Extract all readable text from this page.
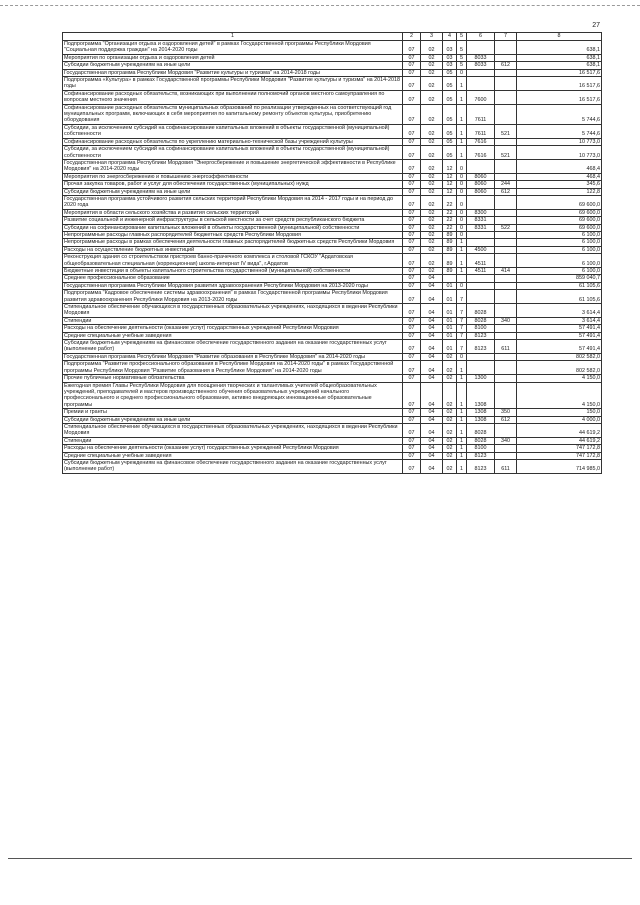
27
1	2	3	4	5	6	7	8
Подпрограмма "Организация отдыха и оздоровления детей" в рамках Государственной программы Республики Мордовия "Социальная поддержка граждан" на 2014-2020 годы	07	02	03	5			638,1
Мероприятия по организации отдыха и оздоровления детей	07	02	03	5	8033		638,1
Субсидии бюджетным учреждениям на иные цели	07	02	03	5	8033	612	638,1
Государственная программа Республики Мордовия "Развитие культуры и туризма" на 2014-2018 годы	07	02	05	0			16 517,6
Подпрограмма «Культура» в рамках Государственной программы Республики Мордовия "Развитие культуры и туризма" на 2014-2018 годы	07	02	05	1			16 517,6
Софинансирование расходных обязательств, возникающих при выполнении полномочий органов местного самоуправления по вопросам местного значения	07	02	05	1	7600		16 517,6
Софинансирование расходных обязательств муниципальных образований по реализации утвержденных на соответствующий год муниципальных программ, включающих в себя мероприятия по капитальному ремонту объектов культуры, приобретению оборудования	07	02	05	1	7611		5 744,6
Субсидии, за исключением субсидий на софинансирование капитальных вложений в объекты государственной (муниципальной) собственности	07	02	05	1	7611	521	5 744,6
Софинансирование расходных обязательств по укреплению материально-технической базы учреждений культуры	07	02	05	1	7616		10 773,0
Субсидии, за исключением субсидий на софинансирование капитальных вложений в объекты государственной (муниципальной) собственности	07	02	05	1	7616	521	10 773,0
Государственная программа Республики Мордовия "Энергосбережение и повышение энергетической эффективности в Республике Мордовия" на 2014-2020 годы	07	02	12	0			468,4
Мероприятия по энергосбережению и повышению энергоэффективности	07	02	12	0	8060		468,4
Прочая закупка товаров, работ и услуг для обеспечения государственных (муниципальных) нужд	07	02	12	0	8060	244	345,6
Субсидии бюджетным учреждениям на иные цели	07	02	12	0	8060	612	122,8
Государственная программа устойчивого развития сельских территорий Республики Мордовия на 2014 - 2017 годы и на период до 2020 года	07	02	22	0			69 600,0
Мероприятия в области сельского хозяйства и развития сельских территорий	07	02	22	0	8300		69 600,0
Развитие социальной и инженерной инфраструктуры в сельской местности за счет средств республиканского бюджета	07	02	22	0	8331		69 600,0
Субсидии на софинансирование капитальных вложений в объекты государственной (муниципальной) собственности	07	02	22	0	8331	522	69 600,0
Непрограммные расходы главных распорядителей бюджетных средств Республики Мордовия	07	02	89	0			6 100,0
Непрограммные расходы в рамках обеспечения деятельности главных распорядителей бюджетных средств Республики Мордовия	07	02	89	1			6 100,0
Расходы на осуществление бюджетных инвестиций	07	02	89	1	4500		6 100,0
Реконструкция здания со строительством пристроев банно-прачечного комплекса и столовой ГСКОУ "Ардатовская общеобразовательная специальная (коррекционная) школа-интернат IV вида", г.Ардатов	07	02	89	1	4511		6 100,0
Бюджетные инвестиции в объекты капитального строительства государственной (муниципальной) собственности	07	02	89	1	4511	414	6 100,0
Среднее профессиональное образование	07	04					859 040,7
Государственная программа Республики Мордовия развития здравоохранения Республики Мордовия на 2013-2020 годы	07	04	01	0			61 105,6
Подпрограмма "Кадровое обеспечение системы здравоохранения" в рамках Государственной программы Республики Мордовия развития здравоохранения Республики Мордовия на 2013-2020 годы	07	04	01	7			61 105,6
Стипендиальное обеспечение обучающихся в государственных образовательных учреждениях, находящихся в ведении Республики Мордовия	07	04	01	7	8028		3 614,4
Стипендии	07	04	01	7	8028	340	3 614,4
Расходы на обеспечение деятельности (оказание услуг) государственных учреждений Республики Мордовия	07	04	01	7	8100		57 491,4
Средние специальные учебные заведения	07	04	01	7	8123		57 491,4
Субсидии бюджетным учреждениям на финансовое обеспечение государственного задания на оказание государственных услуг (выполнение работ)	07	04	01	7	8123	611	57 491,4
Государственная программа Республики Мордовия "Развитие образования в Республике Мордовия" на 2014-2020 годы	07	04	02	0			802 582,0
Подпрограмма "Развитие профессионального образования в Республике Мордовия на 2014-2020 годы" в рамках Государственной программы Республики Мордовия "Развитие образования в Республике Мордовия" на 2014-2020 годы	07	04	02	1			802 582,0
Прочие публичные нормативные обязательства	07	04	02	1	1300		4 150,0
Ежегодная премия Главы Республики Мордовия для поощрения творческих и талантливых учителей общеобразовательных учреждений, преподавателей и мастеров производственного обучения образовательных учреждений начального профессионального и среднего профессионального образования, активно внедряющих инновационные образовательные программы	07	04	02	1	1308		4 150,0
Премии и гранты	07	04	02	1	1308	350	150,0
Субсидии бюджетным учреждениям на иные цели	07	04	02	1	1308	612	4 000,0
Стипендиальное обеспечение обучающихся в государственных образовательных учреждениях, находящихся в ведении Республики Мордовия	07	04	02	1	8028		44 619,2
Стипендии	07	04	02	1	8028	340	44 619,2
Расходы на обеспечение деятельности (оказание услуг) государственных учреждений Республики Мордовия	07	04	02	1	8100		747 172,8
Средние специальные учебные заведения	07	04	02	1	8123		747 172,8
Субсидии бюджетным учреждениям на финансовое обеспечение государственного задания на оказание государственных услуг (выполнение работ)	07	04	02	1	8123	611	714 985,0
